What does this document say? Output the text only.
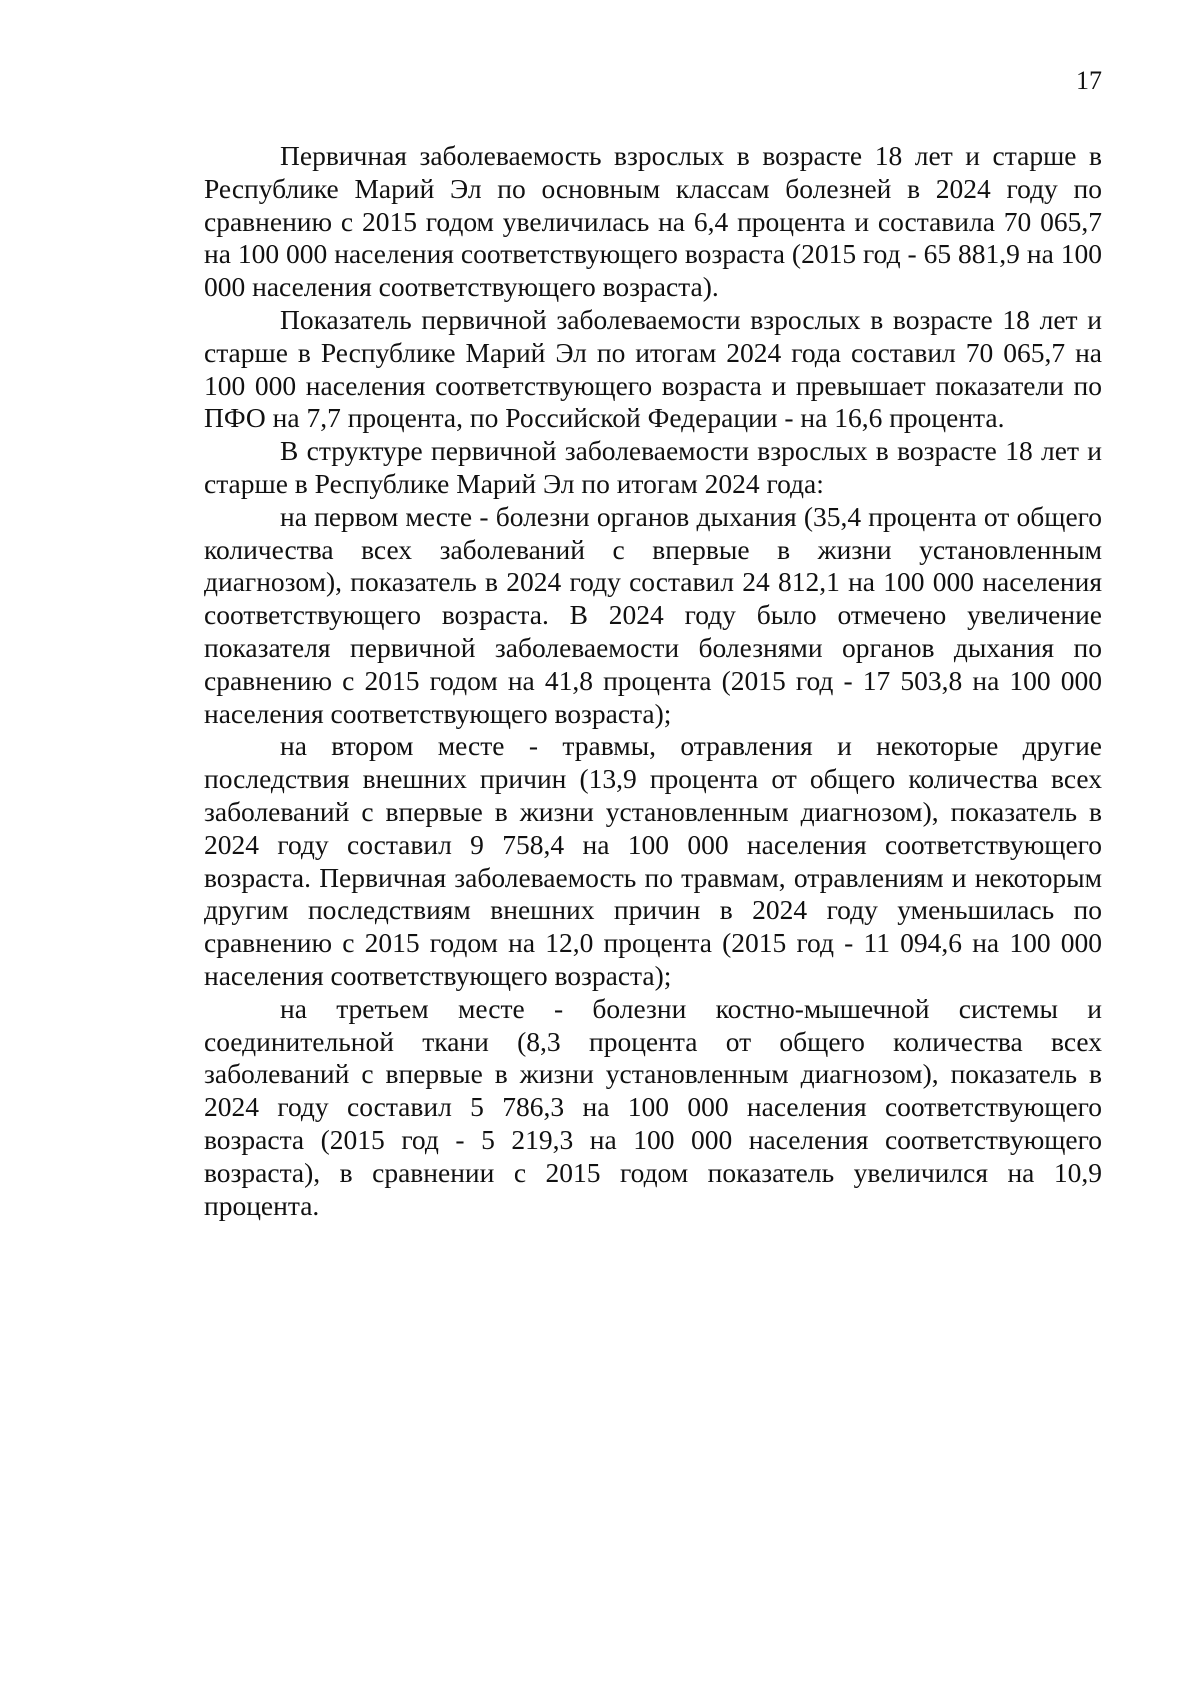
17

Первичная заболеваемость взрослых в возрасте 18 лет и старше в Республике Марий Эл по основным классам болезней в 2024 году по сравнению с 2015 годом увеличилась на 6,4 процента и составила 70 065,7 на 100 000 населения соответствующего возраста (2015 год - 65 881,9 на 100 000 населения соответствующего возраста).

Показатель первичной заболеваемости взрослых в возрасте 18 лет и старше в Республике Марий Эл по итогам 2024 года составил 70 065,7 на 100 000 населения соответствующего возраста и превышает показатели по ПФО на 7,7 процента, по Российской Федерации - на 16,6 процента.

В структуре первичной заболеваемости взрослых в возрасте 18 лет и старше в Республике Марий Эл по итогам 2024 года:

на первом месте - болезни органов дыхания (35,4 процента от общего количества всех заболеваний с впервые в жизни установленным диагнозом), показатель в 2024 году составил 24 812,1 на 100 000 населения соответствующего возраста. В 2024 году было отмечено увеличение показателя первичной заболеваемости болезнями органов дыхания по сравнению с 2015 годом на 41,8 процента (2015 год - 17 503,8 на 100 000 населения соответствующего возраста);

на втором месте - травмы, отравления и некоторые другие последствия внешних причин (13,9 процента от общего количества всех заболеваний с впервые в жизни установленным диагнозом), показатель в 2024 году составил 9 758,4 на 100 000 населения соответствующего возраста. Первичная заболеваемость по травмам, отравлениям и некоторым другим последствиям внешних причин в 2024 году уменьшилась по сравнению с 2015 годом на 12,0 процента (2015 год - 11 094,6 на 100 000 населения соответствующего возраста);

на третьем месте - болезни костно-мышечной системы и соединительной ткани (8,3 процента от общего количества всех заболеваний с впервые в жизни установленным диагнозом), показатель в 2024 году составил 5 786,3 на 100 000 населения соответствующего возраста (2015 год - 5 219,3 на 100 000 населения соответствующего возраста), в сравнении с 2015 годом показатель увеличился на 10,9 процента.
